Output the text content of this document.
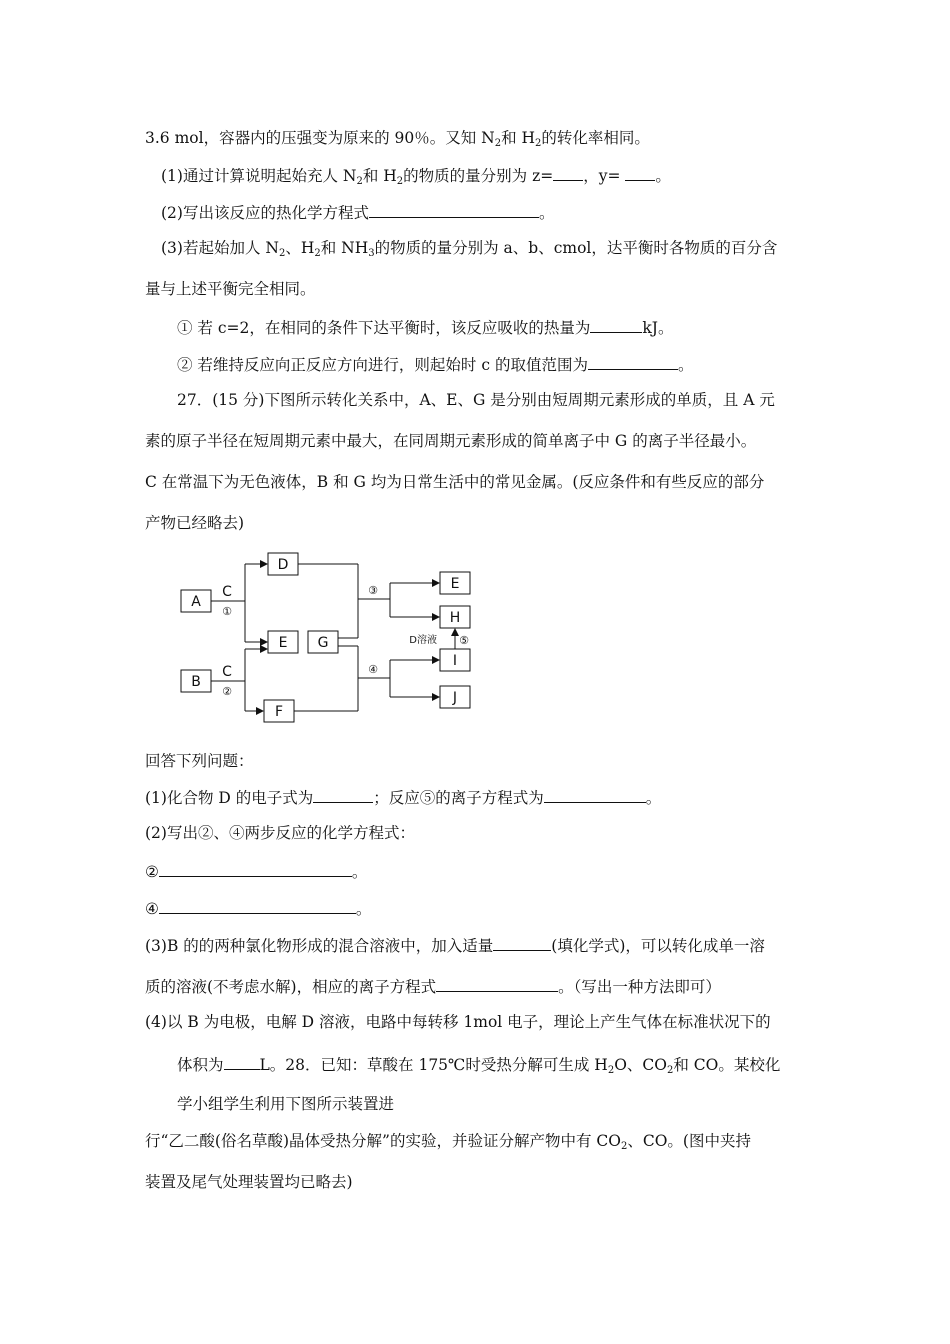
3.6 mol，容器内的压强变为原来的 90％。又知 $N_2$和 $H_2$的转化率相同。
(1)通过计算说明起始充人 $N_2$和 $H_2$的物质的量分别为 z= ，y= 。
(2)写出该反应的热化学方程式	。
(3)若起始加人 $N_2$、$H_2$和 $NH_3$的物质的量分别为 a、b、cmol，达平衡时各物质的百分含
量与上述平衡完全相同。
① 若 c=2，在相同的条件下达平衡时，该反应吸收的热量为	kJ。
② 若维持反应向正反应方向进行，则起始时 c 的取值范围为	。
27．(15 分)下图所示转化关系中，A、E、G 是分别由短周期元素形成的单质，且 A 元
素的原子半径在短周期元素中最大，在同周期元素形成的简单离子中 G 的离子半径最小。
C 在常温下为无色液体，B 和 G 均为日常生活中的常见金属。(反应条件和有些反应的部分
产物已经略去)
A
B
D
E G
F
E
H
I
J
C
C
①
②
③
④
⑤
D溶液
回答下列问题：
(1)化合物 D 的电子式为	；反应⑤的离子方程式为	。
(2)写出②、④两步反应的化学方程式：
②	。
④	。
(3)B 的的两种氯化物形成的混合溶液中，加入适量	(填化学式)，可以转化成单一溶
质的溶液(不考虑水解)，相应的离子方程式	。（写出一种方法即可）
(4)以 B 为电极，电解 D 溶液，电路中每转移 1mol 电子，理论上产生气体在标准状况下的
体积为 L。28．已知：草酸在 175℃时受热分解可生成 $H_2O$、$CO_2$和 CO。某校化
学小组学生利用下图所示装置进
行“乙二酸(俗名草酸)晶体受热分解”的实验，并验证分解产物中有 $CO_2$、CO。(图中夹持
装置及尾气处理装置均已略去)
